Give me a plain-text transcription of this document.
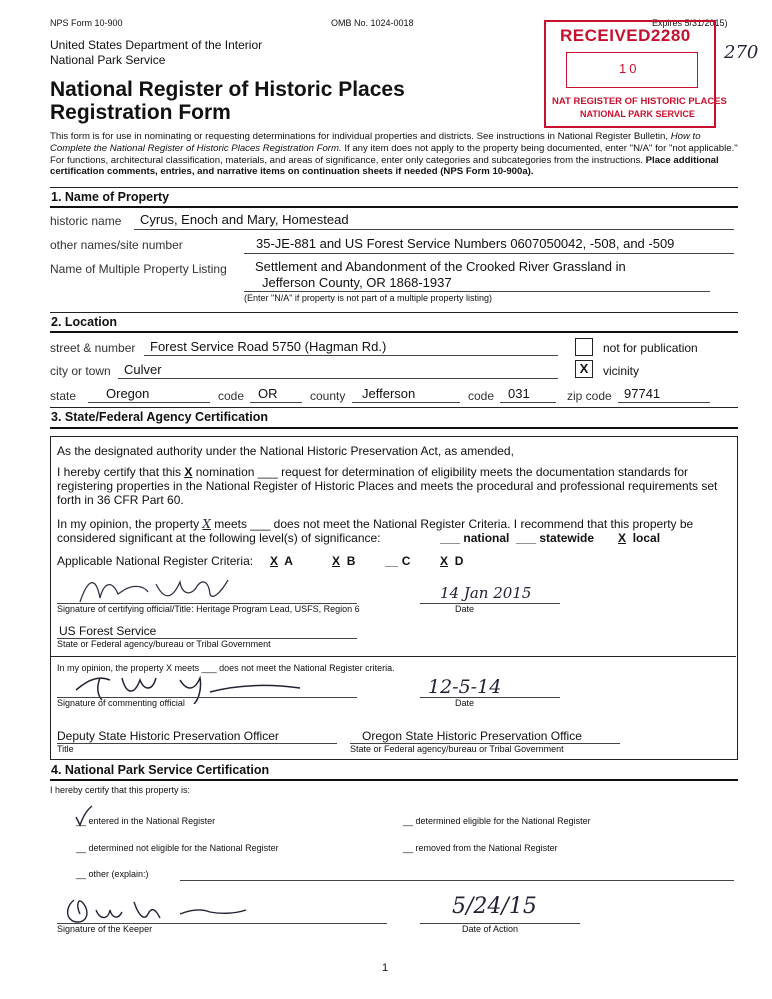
NPS Form 10-900	OMB No. 1024-0018	Expires 5/31/2015)
United States Department of the Interior
National Park Service
National Register of Historic Places
Registration Form
RECEIVED2280
10
NAT REGISTER OF HISTORIC PLACES
NATIONAL PARK SERVICE
270
This form is for use in nominating or requesting determinations for individual properties and districts. See instructions in National Register Bulletin, How to Complete the National Register of Historic Places Registration Form. If any item does not apply to the property being documented, enter "N/A" for "not applicable." For functions, architectural classification, materials, and areas of significance, enter only categories and subcategories from the instructions. Place additional certification comments, entries, and narrative items on continuation sheets if needed (NPS Form 10-900a).
1. Name of Property
historic name Cyrus, Enoch and Mary, Homestead
other names/site number	35-JE-881 and US Forest Service Numbers 0607050042, -508, and -509
Name of Multiple Property Listing Settlement and Abandonment of the Crooked River Grassland in
Jefferson County, OR 1868-1937
(Enter "N/A" if property is not part of a multiple property listing)
2. Location
street & number Forest Service Road 5750 (Hagman Rd.)	not for publication
city or town Culver	X	vicinity
state Oregon	code OR	county Jefferson	code 031	zip code 97741
3. State/Federal Agency Certification
As the designated authority under the National Historic Preservation Act, as amended,
I hereby certify that this X nomination ___ request for determination of eligibility meets the documentation standards for registering properties in the National Register of Historic Places and meets the procedural and professional requirements set forth in 36 CFR Part 60.
In my opinion, the property X meets ___ does not meet the National Register Criteria. I recommend that this property be considered significant at the following level(s) of significance:	___ national ___ statewide X local
Applicable National Register Criteria: X A	X B __ C X D
14 Jan 2015
Signature of certifying official/Title: Heritage Program Lead, USFS, Region 6	Date
US Forest Service
State or Federal agency/bureau or Tribal Government
In my opinion, the property X meets ___ does not meet the National Register criteria.
12-5-14
Signature of commenting official	Date
Deputy State Historic Preservation Officer	Oregon State Historic Preservation Office
Title	State or Federal agency/bureau or Tribal Government
4. National Park Service Certification
I hereby certify that this property is:
__ entered in the National Register	__ determined eligible for the National Register
__ determined not eligible for the National Register	__ removed from the National Register
__ other (explain:)
5/24/15
Signature of the Keeper	Date of Action
1
